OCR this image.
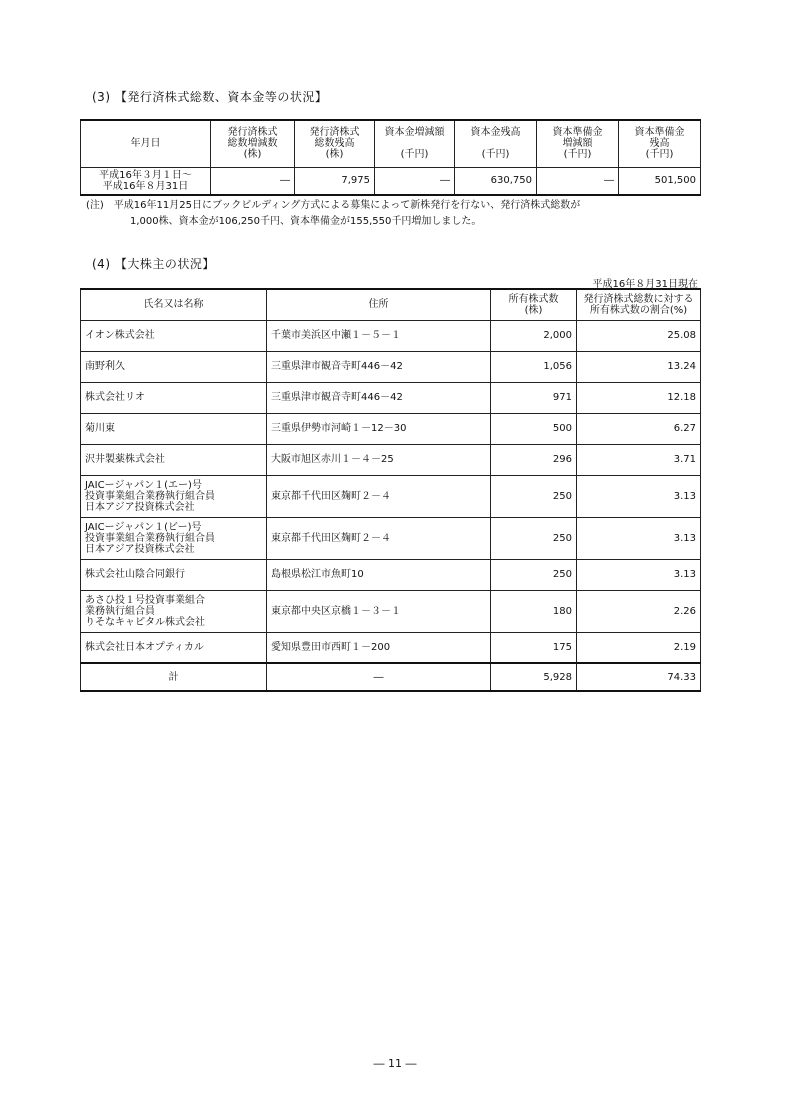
(3) 【発行済株式総数、資本金等の状況】
年月日	発行済株式
総数増減数
(株)	発行済株式
総数残高
(株)	資本金増減額

(千円)	資本金残高

(千円)	資本準備金
増減額
(千円)	資本準備金
残高
(千円)
平成16年３月１日～
平成16年８月31日	―	7,975	―	630,750	―	501,500
(注)　平成16年11月25日にブックビルディング方式による募集によって新株発行を行ない、発行済株式総数が
1,000株、資本金が106,250千円、資本準備金が155,550千円増加しました。
(4) 【大株主の状況】
平成16年８月31日現在
氏名又は名称	住所	所有株式数
(株)	発行済株式総数に対する
所有株式数の割合(%)
イオン株式会社	千葉市美浜区中瀬１－５－１	2,000	25.08
南野利久	三重県津市観音寺町446－42	1,056	13.24
株式会社リオ	三重県津市観音寺町446－42	971	12.18
菊川東	三重県伊勢市河崎１－12－30	500	6.27
沢井製薬株式会社	大阪市旭区赤川１－４－25	296	3.71
JAICージャパン１(エー)号
投資事業組合業務執行組合員
日本アジア投資株式会社	東京都千代田区麹町２－４	250	3.13
JAICージャパン１(ビー)号
投資事業組合業務執行組合員
日本アジア投資株式会社	東京都千代田区麹町２－４	250	3.13
株式会社山陰合同銀行	島根県松江市魚町10	250	3.13
あさひ投１号投資事業組合
業務執行組合員
りそなキャピタル株式会社	東京都中央区京橋１－３－１	180	2.26
株式会社日本オプティカル	愛知県豊田市西町１－200	175	2.19
計	―	5,928	74.33
― 11 ―
